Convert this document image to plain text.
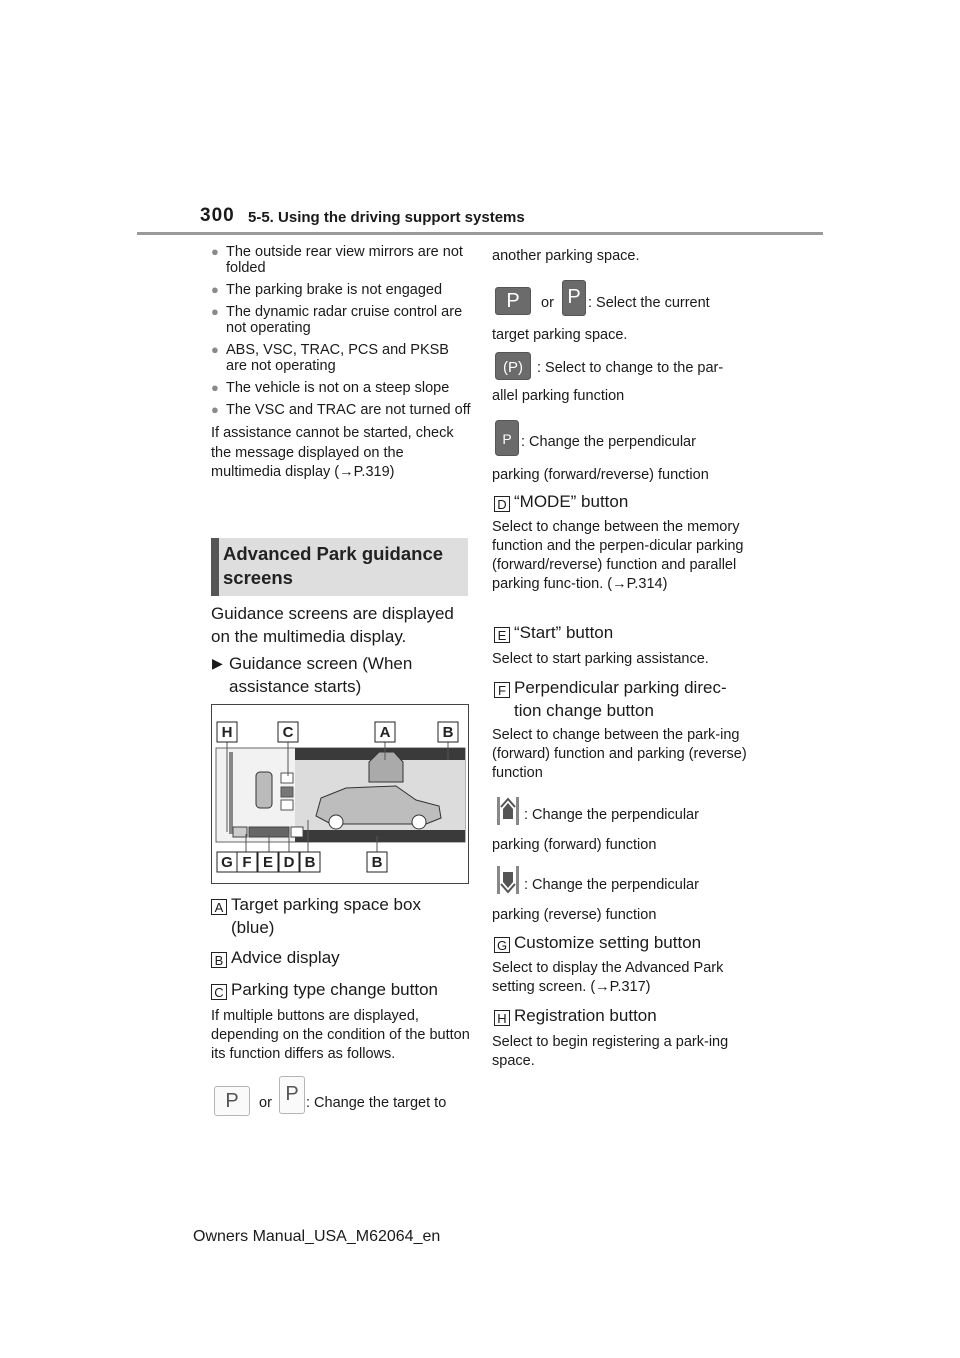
300 5-5. Using the driving support systems
● The outside rear view mirrors are not folded
● The parking brake is not engaged
● The dynamic radar cruise control are not operating
● ABS, VSC, TRAC, PCS and PKSB are not operating
● The vehicle is not on a steep slope
● The VSC and TRAC are not turned off
If assistance cannot be started, check the message displayed on the multimedia display (→P.319)
Advanced Park guidance screens
Guidance screens are displayed on the multimedia display.
▶ Guidance screen (When assistance starts)
H	C	A	B
G F E D B	B
A Target parking space box (blue)
B Advice display
C Parking type change button
If multiple buttons are displayed, depending on the condition of the button its function differs as follows.
P	or P : Change the target to
another parking space.
P	or P : Select the current
target parking space.
(P) : Select to change to the par-
allel parking function
P : Change the perpendicular
parking (forward/reverse) function
D “MODE” button
Select to change between the memory function and the perpen-dicular parking (forward/reverse) function and parallel parking func-tion. (→P.314)
E “Start” button
Select to start parking assistance.
F Perpendicular parking direc-tion change button
Select to change between the park-ing (forward) function and parking (reverse) function
: Change the perpendicular
parking (forward) function
: Change the perpendicular
parking (reverse) function
G Customize setting button
Select to display the Advanced Park setting screen. (→P.317)
H Registration button
Select to begin registering a park-ing space.
Owners Manual_USA_M62064_en
